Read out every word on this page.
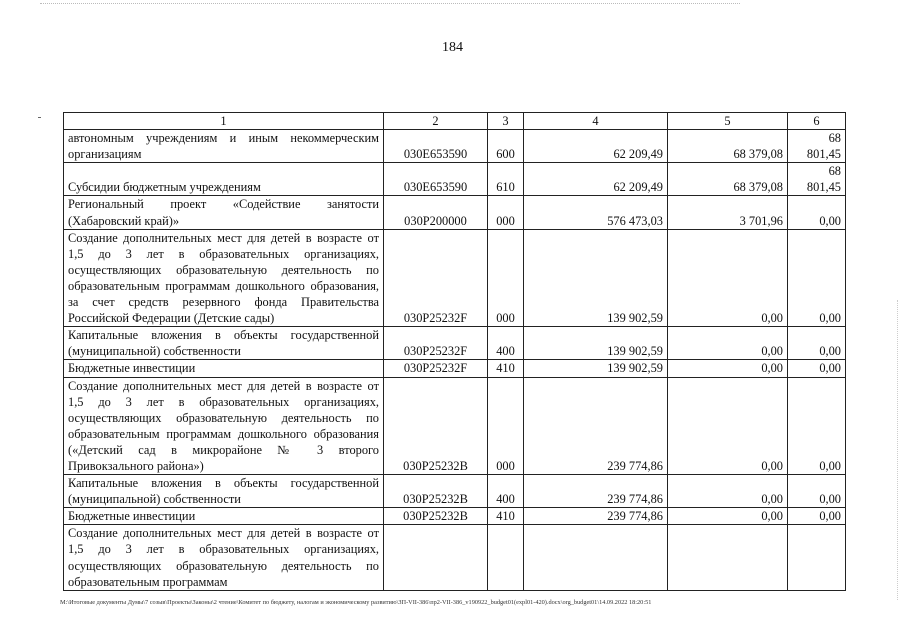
184
1	2	3	4	5	6
автономным учреждениям и иным некоммерческим организациям	030E653590	600	62 209,49	68 379,08	68 801,45
Субсидии бюджетным учреждениям	030E653590	610	62 209,49	68 379,08	68 801,45
Региональный проект «Содействие занятости (Хабаровский край)»	030P200000	000	576 473,03	3 701,96	0,00
Создание дополнительных мест для детей в возрасте от 1,5 до 3 лет в образовательных организациях, осуществляющих образовательную деятельность по образовательным программам дошкольного образования, за счет средств резервного фонда Правительства Российской Федерации (Детские сады)	030P25232F	000	139 902,59	0,00	0,00
Капитальные вложения в объекты государственной (муниципальной) собственности	030P25232F	400	139 902,59	0,00	0,00
Бюджетные инвестиции	030P25232F	410	139 902,59	0,00	0,00
Создание дополнительных мест для детей в возрасте от 1,5 до 3 лет в образовательных организациях, осуществляющих образовательную деятельность по образовательным программам дошкольного образования («Детский сад в микрорайоне № 3 второго Привокзального района»)	030P25232B	000	239 774,86	0,00	0,00
Капитальные вложения в объекты государственной (муниципальной) собственности	030P25232B	400	239 774,86	0,00	0,00
Бюджетные инвестиции	030P25232B	410	239 774,86	0,00	0,00
Создание дополнительных мест для детей в возрасте от 1,5 до 3 лет в образовательных организациях, осуществляющих образовательную деятельность по образовательным программам					
M:\Итоговые документы Думы\7 созыв\Проекты\Законы\2 чтение\Комитет по бюджету, налогам и экономическому развитию\ЗП-VII-386\пр2-VII-386_v190922_budget01(expl01-420).docx\org_budget01\14.09.2022 18:20:51
